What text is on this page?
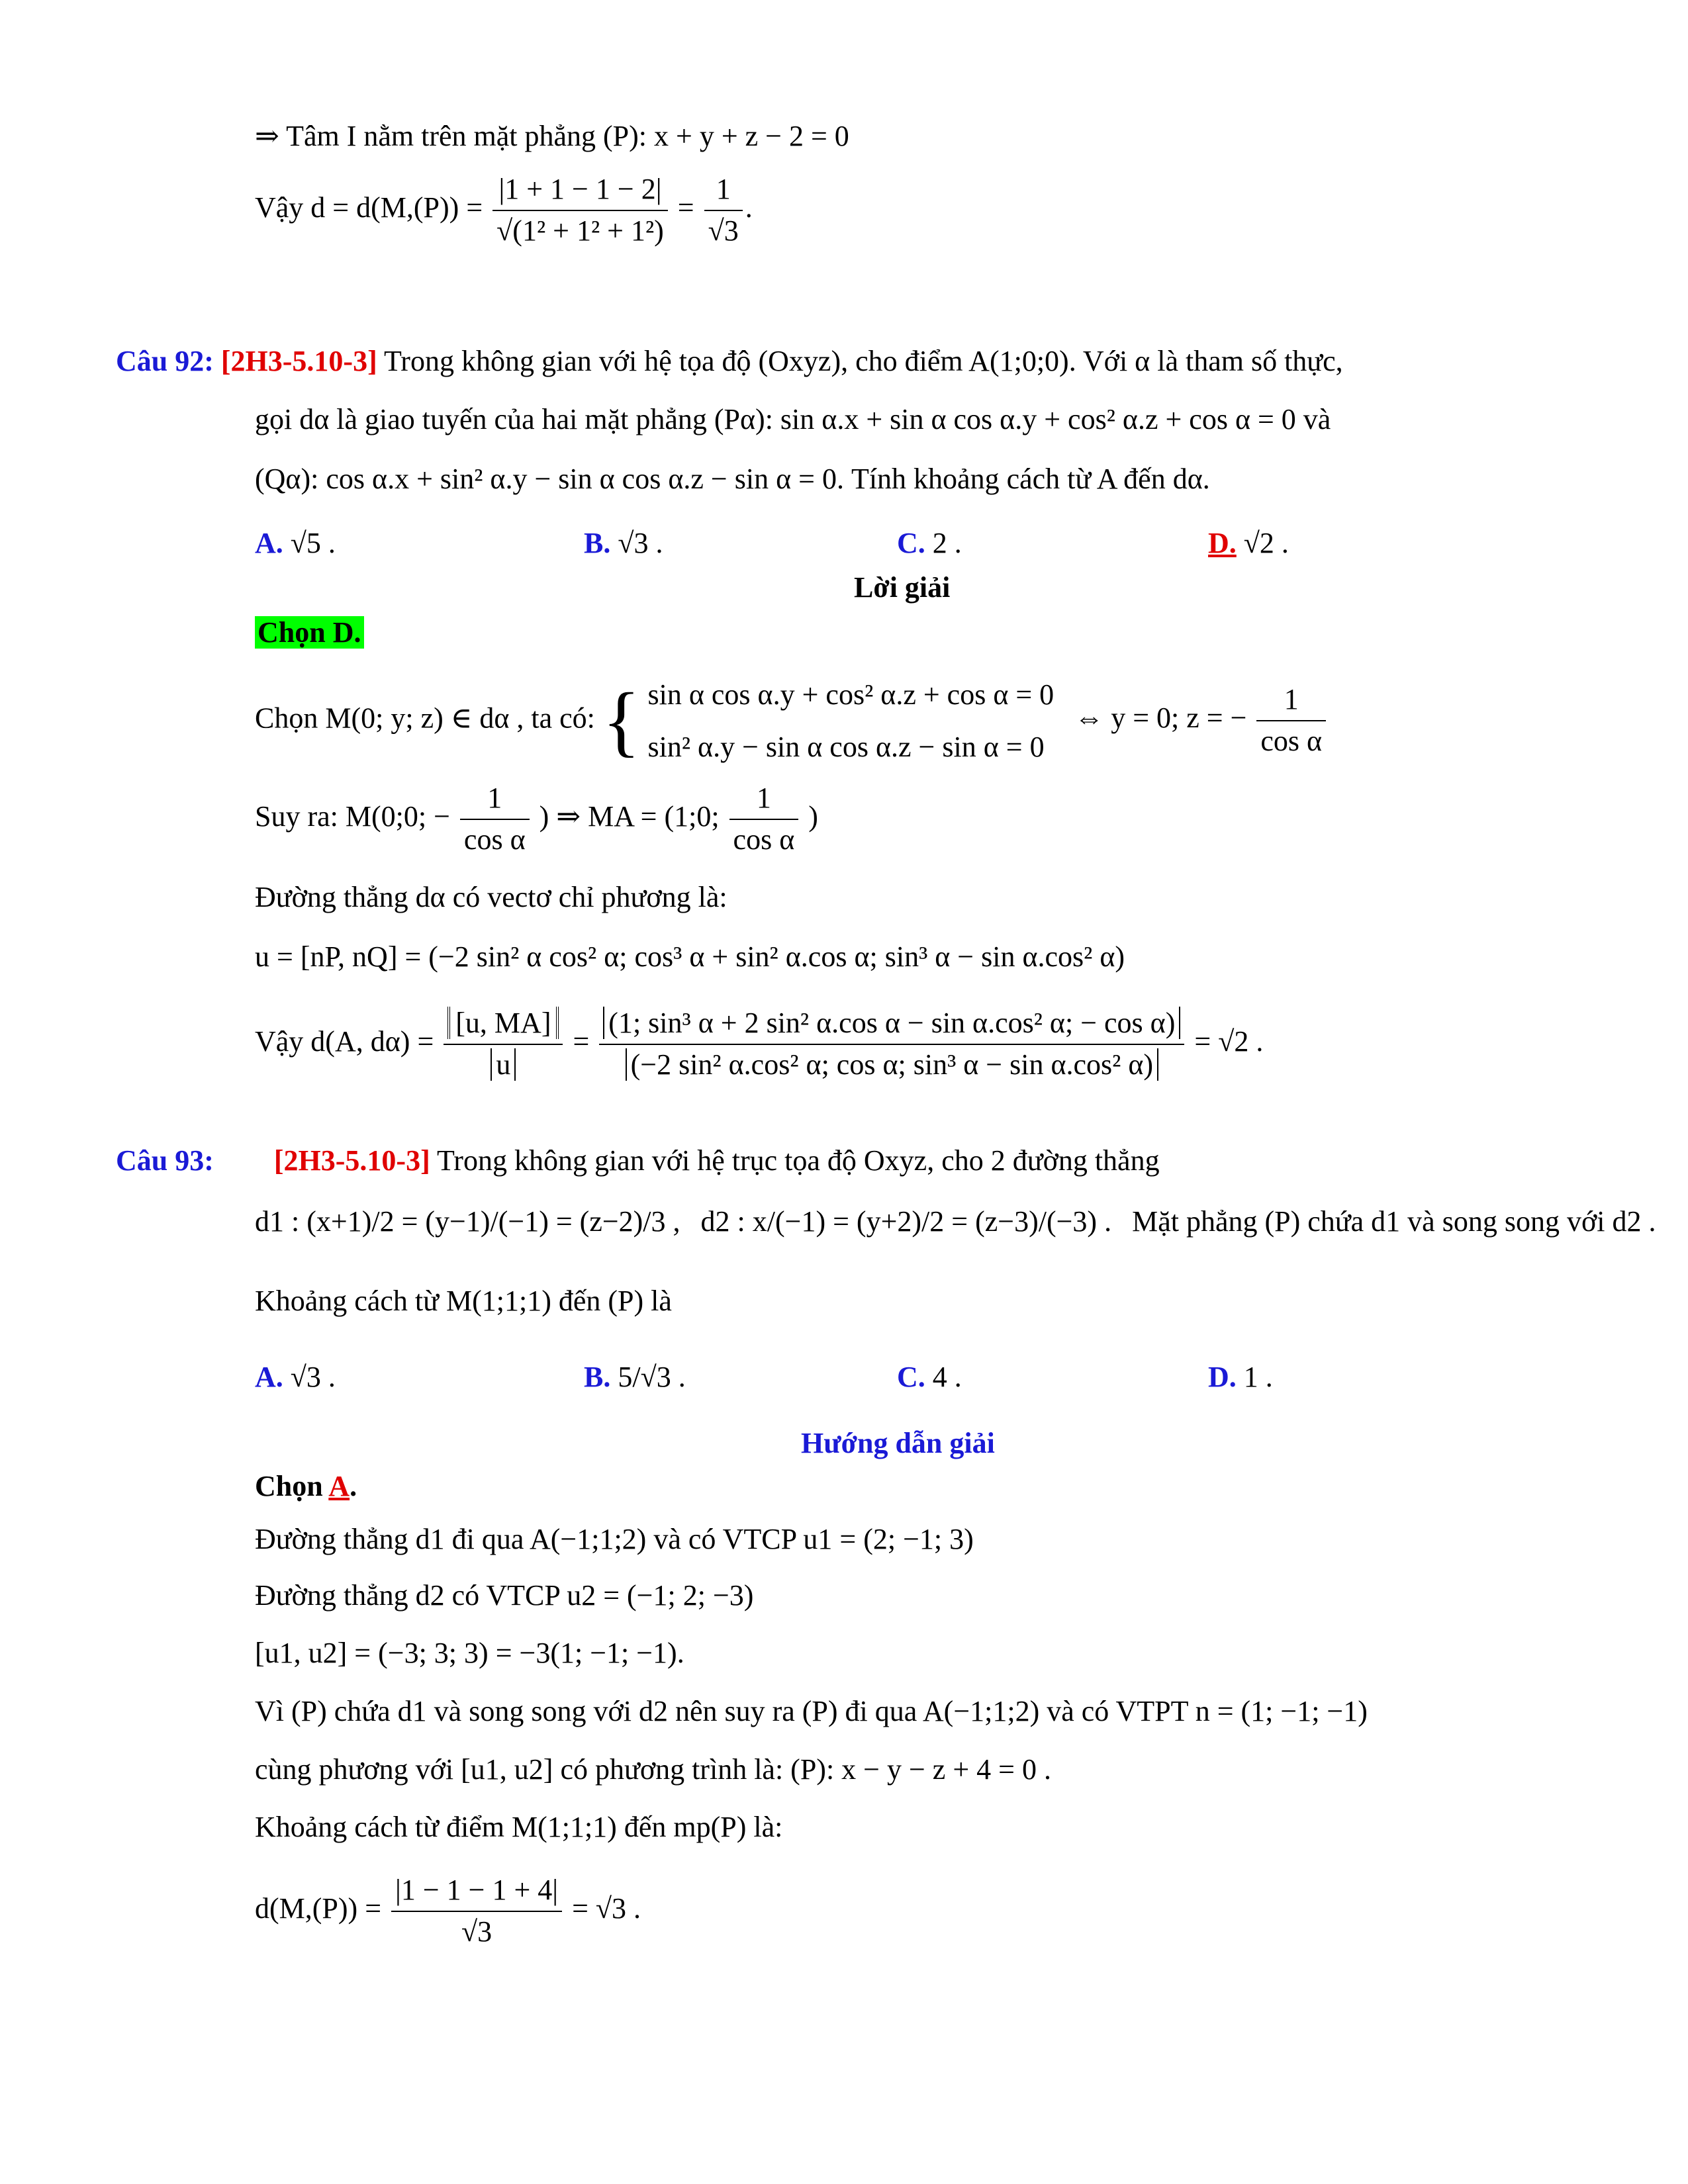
⇒ Tâm I nằm trên mặt phẳng (P): x + y + z − 2 = 0
Vậy $d = d(M,(P)) = \frac{|1 + 1 - 1 - 2|}{\text{√(1² + 1² + 1²)}} = \frac{1}{√3}$ .
Câu 92: [2H3-5.10-3] Trong không gian với hệ tọa độ (Oxyz), cho điểm A(1;0;0). Với α là tham số thực,
gọi dα là giao tuyến của hai mặt phẳng (Pα): sin α.x + sin α cos α.y + cos² α.z + cos α = 0 và
(Qα): cos α.x + sin² α.y − sin α cos α.z − sin α = 0. Tính khoảng cách từ A đến dα.
A. √5 .	B. √3 .	C. 2 .	D. √2 .
Lời giải
Chọn D.
Chọn M(0; y; z) ∈ dα , ta có: { sin α cos α.y + cos² α.z + cos α = 0
sin² α.y − sin α cos α.z − sin α = 0
⇔ y = 0; z = − $\frac{1}{\text{cos α}}$
Suy ra: M(0;0; − $\frac{1}{\text{cos α}}$ ) ⇒ MA = (1;0; $\frac{1}{\text{cos α}}$ )
Đường thẳng dα có vectơ chỉ phương là:
u = [nP, nQ] = (−2 sin² α cos² α; cos³ α + sin² α.cos α; sin³ α − sin α.cos² α)
Vậy d(A, $d\alpha) = \frac{[u, MA]}{u} = \frac{\text{(1; sin³ α + 2 sin² α.cos α − sin α.cos² α; − cos α)}}{\text{(−2 sin² α.cos² α; cos α; sin³ α − sin α.cos² α)}} = √2$ .
Câu 93: [2H3-5.10-3] Trong không gian với hệ trục tọa độ Oxyz, cho 2 đường thẳng
d1 : (x+1)/2 = (y−1)/(−1) = (z−2)/3 , d2 : x/(−1) = (y+2)/2 = (z−3)/(−3) . Mặt phẳng (P) chứa d1 và song song với d2 .
Khoảng cách từ M(1;1;1) đến (P) là
A. √3 .	B. 5/√3 .	C. 4 .	D. 1 .
Hướng dẫn giải
Chọn A.
Đường thẳng d1 đi qua A(−1;1;2) và có VTCP u1 = (2; −1; 3)
Đường thẳng d2 có VTCP u2 = (−1; 2; −3)
[u1, u2] = (−3; 3; 3) = −3(1; −1; −1).
Vì (P) chứa d1 và song song với d2 nên suy ra (P) đi qua A(−1;1;2) và có VTPT n = (1; −1; −1)
cùng phương với [u1, u2] có phương trình là: (P): x − y − z + 4 = 0 .
Khoảng cách từ điểm M(1;1;1) đến mp(P) là:
$d(M,(P)) = \frac{|1 - 1 - 1 + 4|}{√3} = √3$ .
